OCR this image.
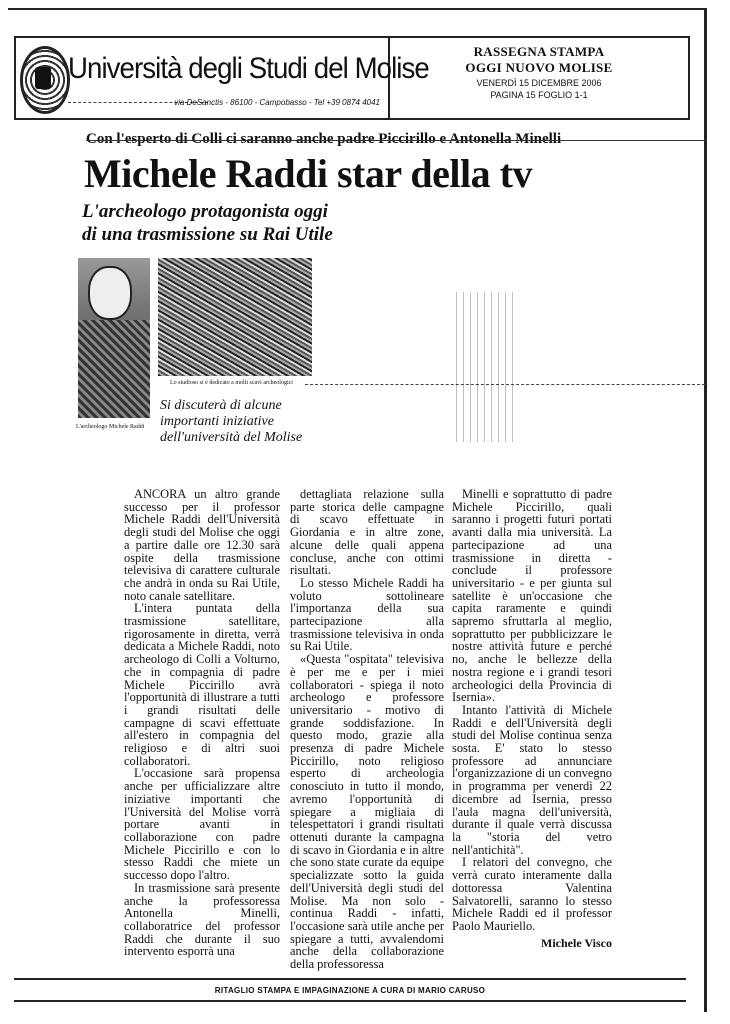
Università degli Studi del Molise
via DeSanctis - 86100 - Campobasso - Tel +39 0874 4041
RASSEGNA STAMPA
OGGI NUOVO MOLISE
VENERDÌ 15 DICEMBRE 2006
PAGINA 15 FOGLIO 1-1
Con l'esperto di Colli ci saranno anche padre Piccirillo e Antonella Minelli
Michele Raddi star della tv
L'archeologo protagonista oggi
di una trasmissione su Rai Utile
L'archeologo Michele Raddi
Lo studioso si è dedicato a molti scavi archeologici
Si discuterà di alcune importanti iniziative dell'università del Molise

ANCORA un altro grande successo per il professor Michele Raddi dell'Università degli studi del Molise che oggi a partire dalle ore 12.30 sarà ospite della trasmissione televisiva di carattere culturale che andrà in onda su Rai Utile, noto canale satellitare.

L'intera puntata della trasmissione satellitare, rigorosamente in diretta, verrà dedicata a Michele Raddi, noto archeologo di Colli a Volturno, che in compagnia di padre Michele Piccirillo avrà l'opportunità di illustrare a tutti i grandi risultati delle campagne di scavi effettuate all'estero in compagnia del religioso e di altri suoi collaboratori.

L'occasione sarà propensa anche per ufficializzare altre iniziative importanti che l'Università del Molise vorrà portare avanti in collaborazione con padre Michele Piccirillo e con lo stesso Raddi che miete un successo dopo l'altro.

In trasmissione sarà presente anche la professoressa Antonella Minelli, collaboratrice del professor Raddi che durante il suo intervento esporrà una

dettagliata relazione sulla parte storica delle campagne di scavo effettuate in Giordania e in altre zone, alcune delle quali appena concluse, anche con ottimi risultati.

Lo stesso Michele Raddi ha voluto sottolineare l'importanza della sua partecipazione alla trasmissione televisiva in onda su Rai Utile.

«Questa "ospitata" televisiva è per me e per i miei collaboratori - spiega il noto archeologo e professore universitario - motivo di grande soddisfazione. In questo modo, grazie alla presenza di padre Michele Piccirillo, noto religioso esperto di archeologia conosciuto in tutto il mondo, avremo l'opportunità di spiegare a migliaia di telespettatori i grandi risultati ottenuti durante la campagna di scavo in Giordania e in altre che sono state curate da equipe specializzate sotto la guida dell'Università degli studi del Molise. Ma non solo - continua Raddi - infatti, l'occasione sarà utile anche per spiegare a tutti, avvalendomi anche della collaborazione della professoressa

Minelli e soprattutto di padre Michele Piccirillo, quali saranno i progetti futuri portati avanti dalla mia università. La partecipazione ad una trasmissione in diretta - conclude il professore universitario - e per giunta sul satellite è un'occasione che capita raramente e quindi sapremo sfruttarla al meglio, soprattutto per pubblicizzare le nostre attività future e perché no, anche le bellezze della nostra regione e i grandi tesori archeologici della Provincia di Isernia».

Intanto l'attività di Michele Raddi e dell'Università degli studi del Molise continua senza sosta. E' stato lo stesso professore ad annunciare l'organizzazione di un convegno in programma per venerdì 22 dicembre ad Isernia, presso l'aula magna dell'università, durante il quale verrà discussa la "storia del vetro nell'antichità".

I relatori del convegno, che verrà curato interamente dalla dottoressa Valentina Salvatorelli, saranno lo stesso Michele Raddi ed il professor Paolo Mauriello.

Michele Visco
RITAGLIO STAMPA E IMPAGINAZIONE A CURA DI MARIO CARUSO
